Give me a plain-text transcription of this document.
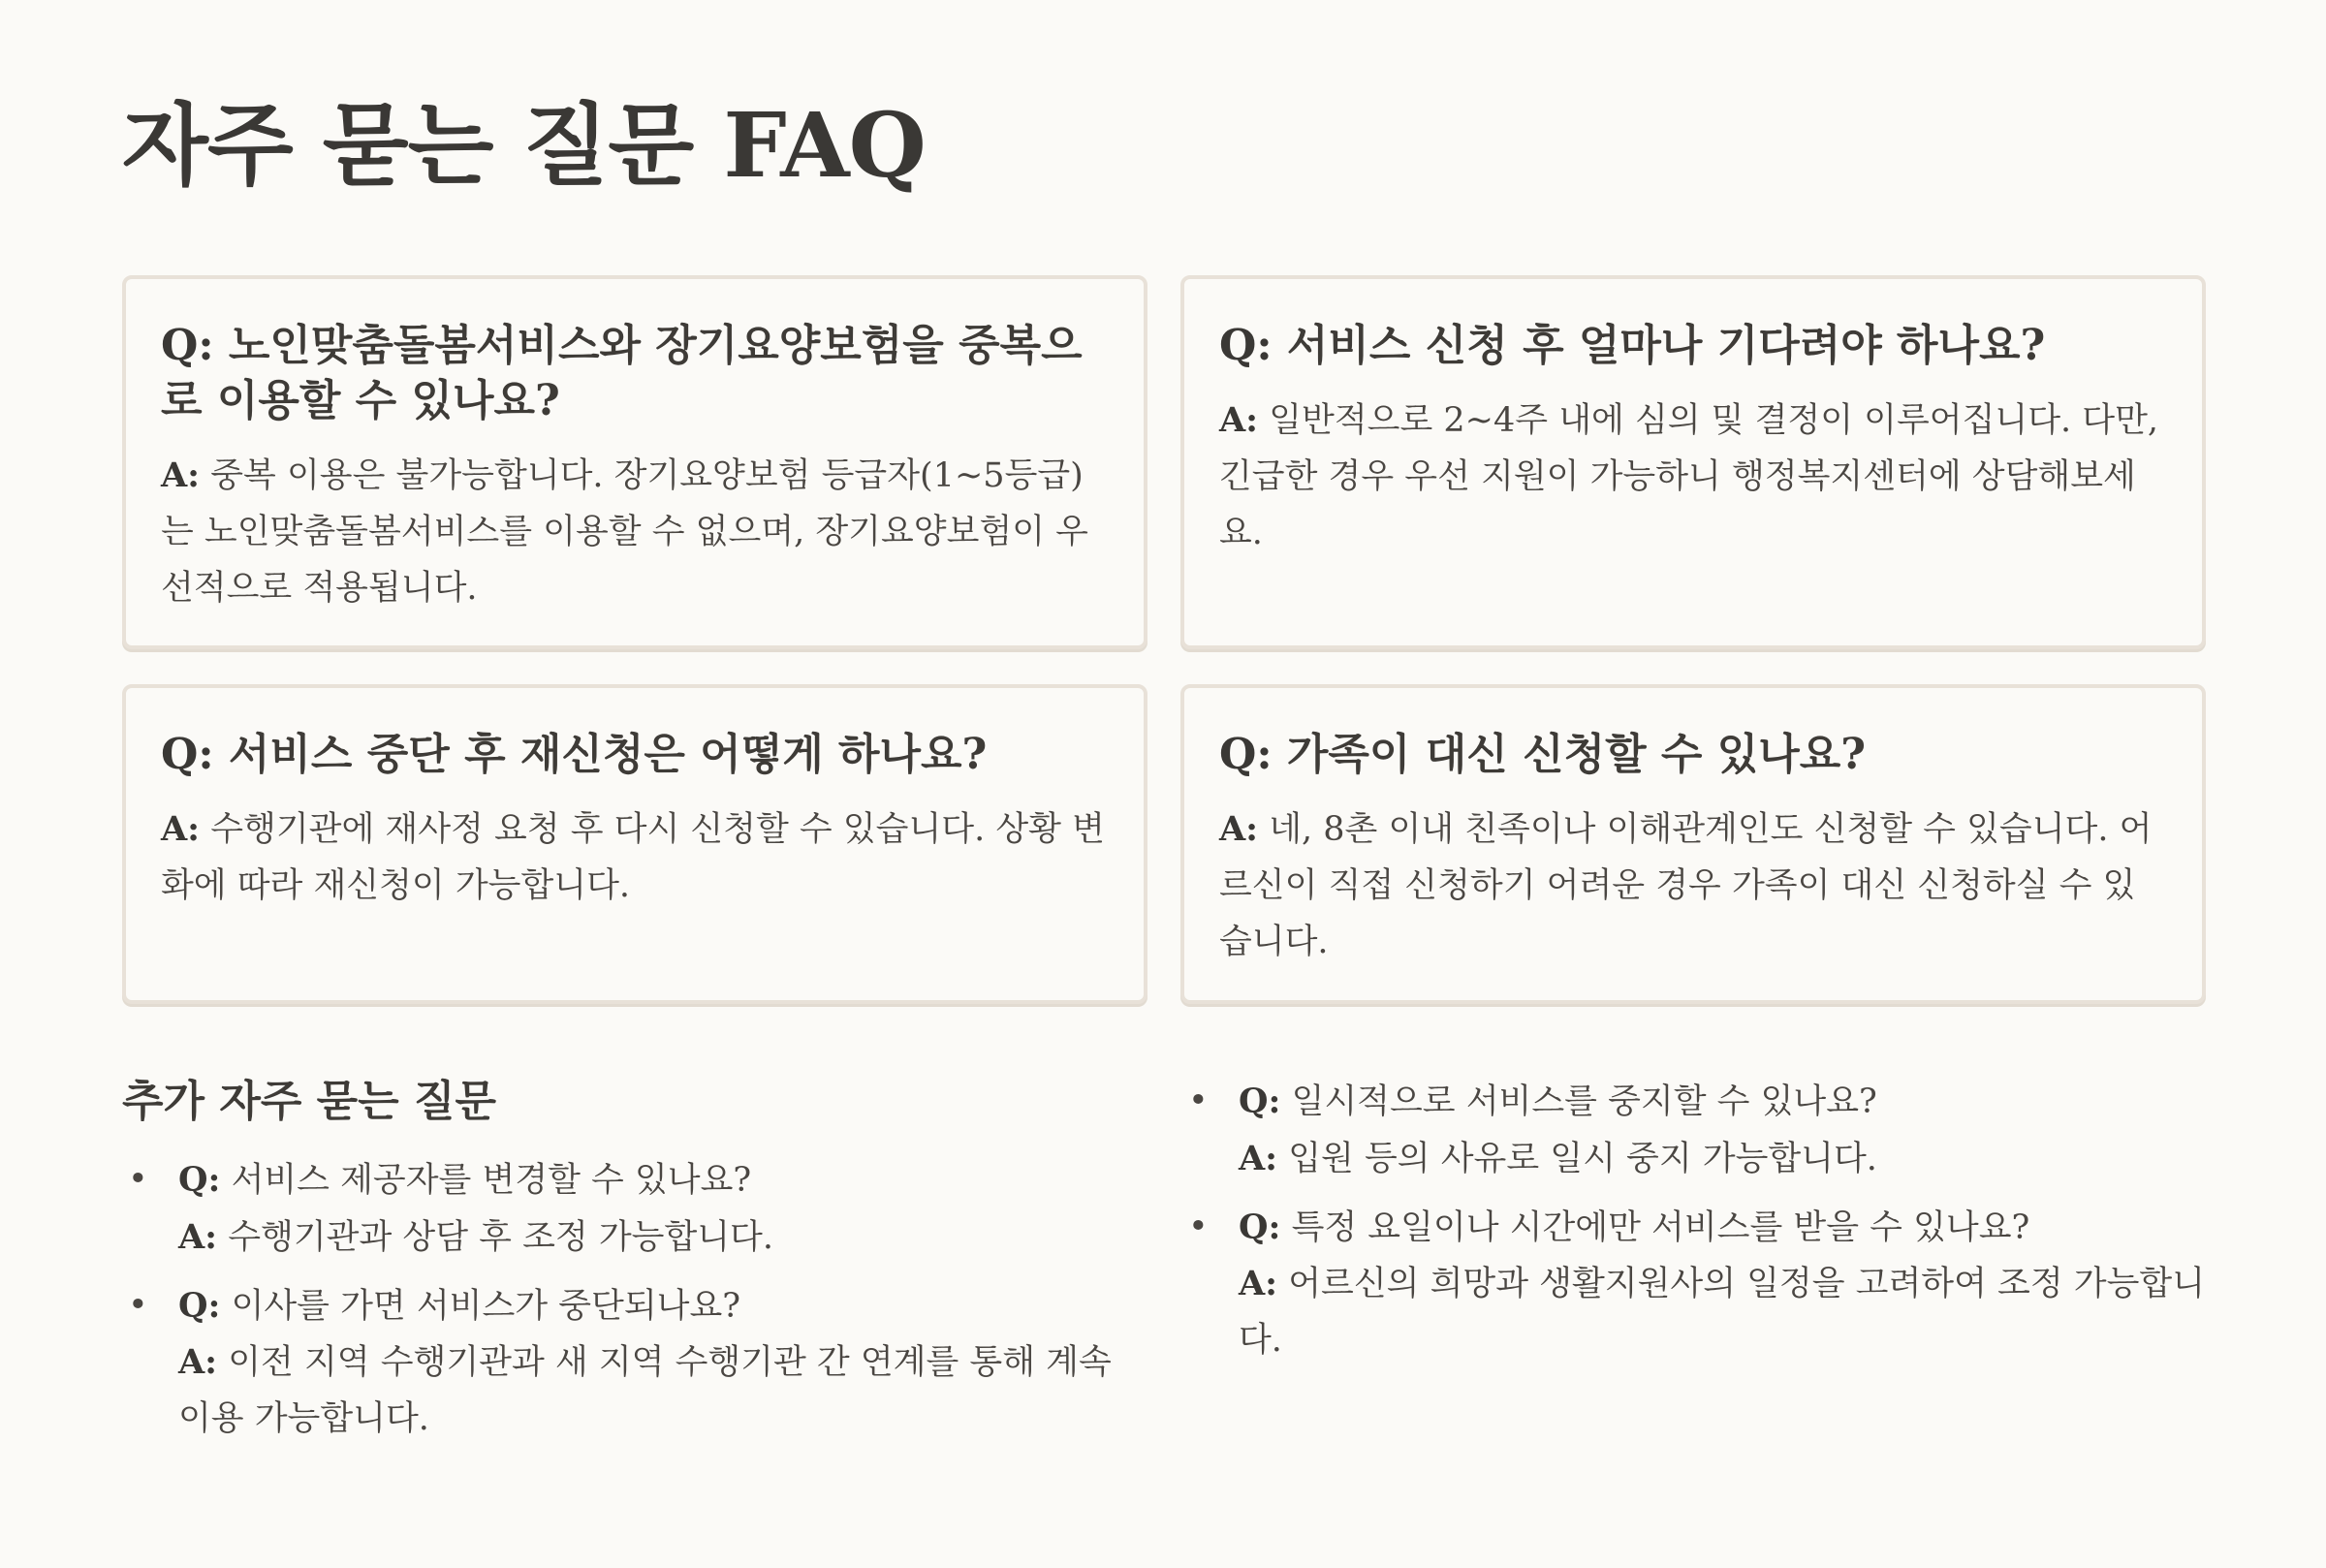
자주 묻는 질문 FAQ

Q: 노인맞춤돌봄서비스와 장기요양보험을 중복으로 이용할 수 있나요?

A: 중복 이용은 불가능합니다. 장기요양보험 등급자(1~5등급)는 노인맞춤돌봄서비스를 이용할 수 없으며, 장기요양보험이 우선적으로 적용됩니다.

Q: 서비스 신청 후 얼마나 기다려야 하나요?

A: 일반적으로 2~4주 내에 심의 및 결정이 이루어집니다. 다만, 긴급한 경우 우선 지원이 가능하니 행정복지센터에 상담해보세요.

Q: 서비스 중단 후 재신청은 어떻게 하나요?

A: 수행기관에 재사정 요청 후 다시 신청할 수 있습니다. 상황 변화에 따라 재신청이 가능합니다.

Q: 가족이 대신 신청할 수 있나요?

A: 네, 8촌 이내 친족이나 이해관계인도 신청할 수 있습니다. 어르신이 직접 신청하기 어려운 경우 가족이 대신 신청하실 수 있습니다.

추가 자주 묻는 질문
• Q: 서비스 제공자를 변경할 수 있나요?
A: 수행기관과 상담 후 조정 가능합니다.
• Q: 이사를 가면 서비스가 중단되나요?
A: 이전 지역 수행기관과 새 지역 수행기관 간 연계를 통해 계속 이용 가능합니다.
• Q: 일시적으로 서비스를 중지할 수 있나요?
A: 입원 등의 사유로 일시 중지 가능합니다.
• Q: 특정 요일이나 시간에만 서비스를 받을 수 있나요?
A: 어르신의 희망과 생활지원사의 일정을 고려하여 조정 가능합니다.
